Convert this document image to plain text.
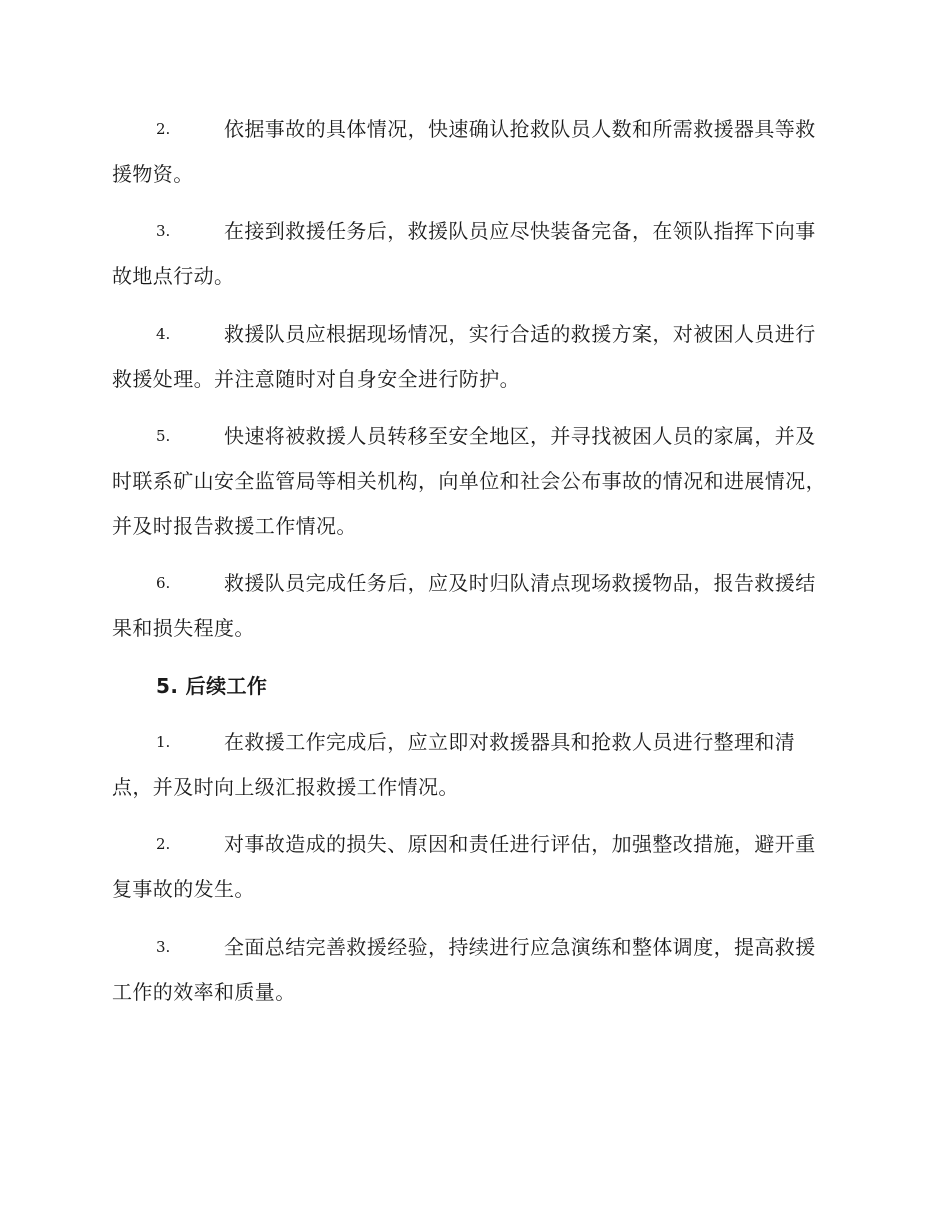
2.	依据事故的具体情况，快速确认抢救队员人数和所需救援器具等救援物资。

3.	在接到救援任务后，救援队员应尽快装备完备，在领队指挥下向事故地点行动。

4.	救援队员应根据现场情况，实行合适的救援方案，对被困人员进行救援处理。并注意随时对自身安全进行防护。

5.	快速将被救援人员转移至安全地区，并寻找被困人员的家属，并及时联系矿山安全监管局等相关机构，向单位和社会公布事故的情况和进展情况，并及时报告救援工作情况。

6.	救援队员完成任务后，应及时归队清点现场救援物品，报告救援结果和损失程度。

5. 后续工作

1.	在救援工作完成后，应立即对救援器具和抢救人员进行整理和清点，并及时向上级汇报救援工作情况。

2.	对事故造成的损失、原因和责任进行评估，加强整改措施，避开重复事故的发生。

3.	全面总结完善救援经验，持续进行应急演练和整体调度，提高救援工作的效率和质量。
